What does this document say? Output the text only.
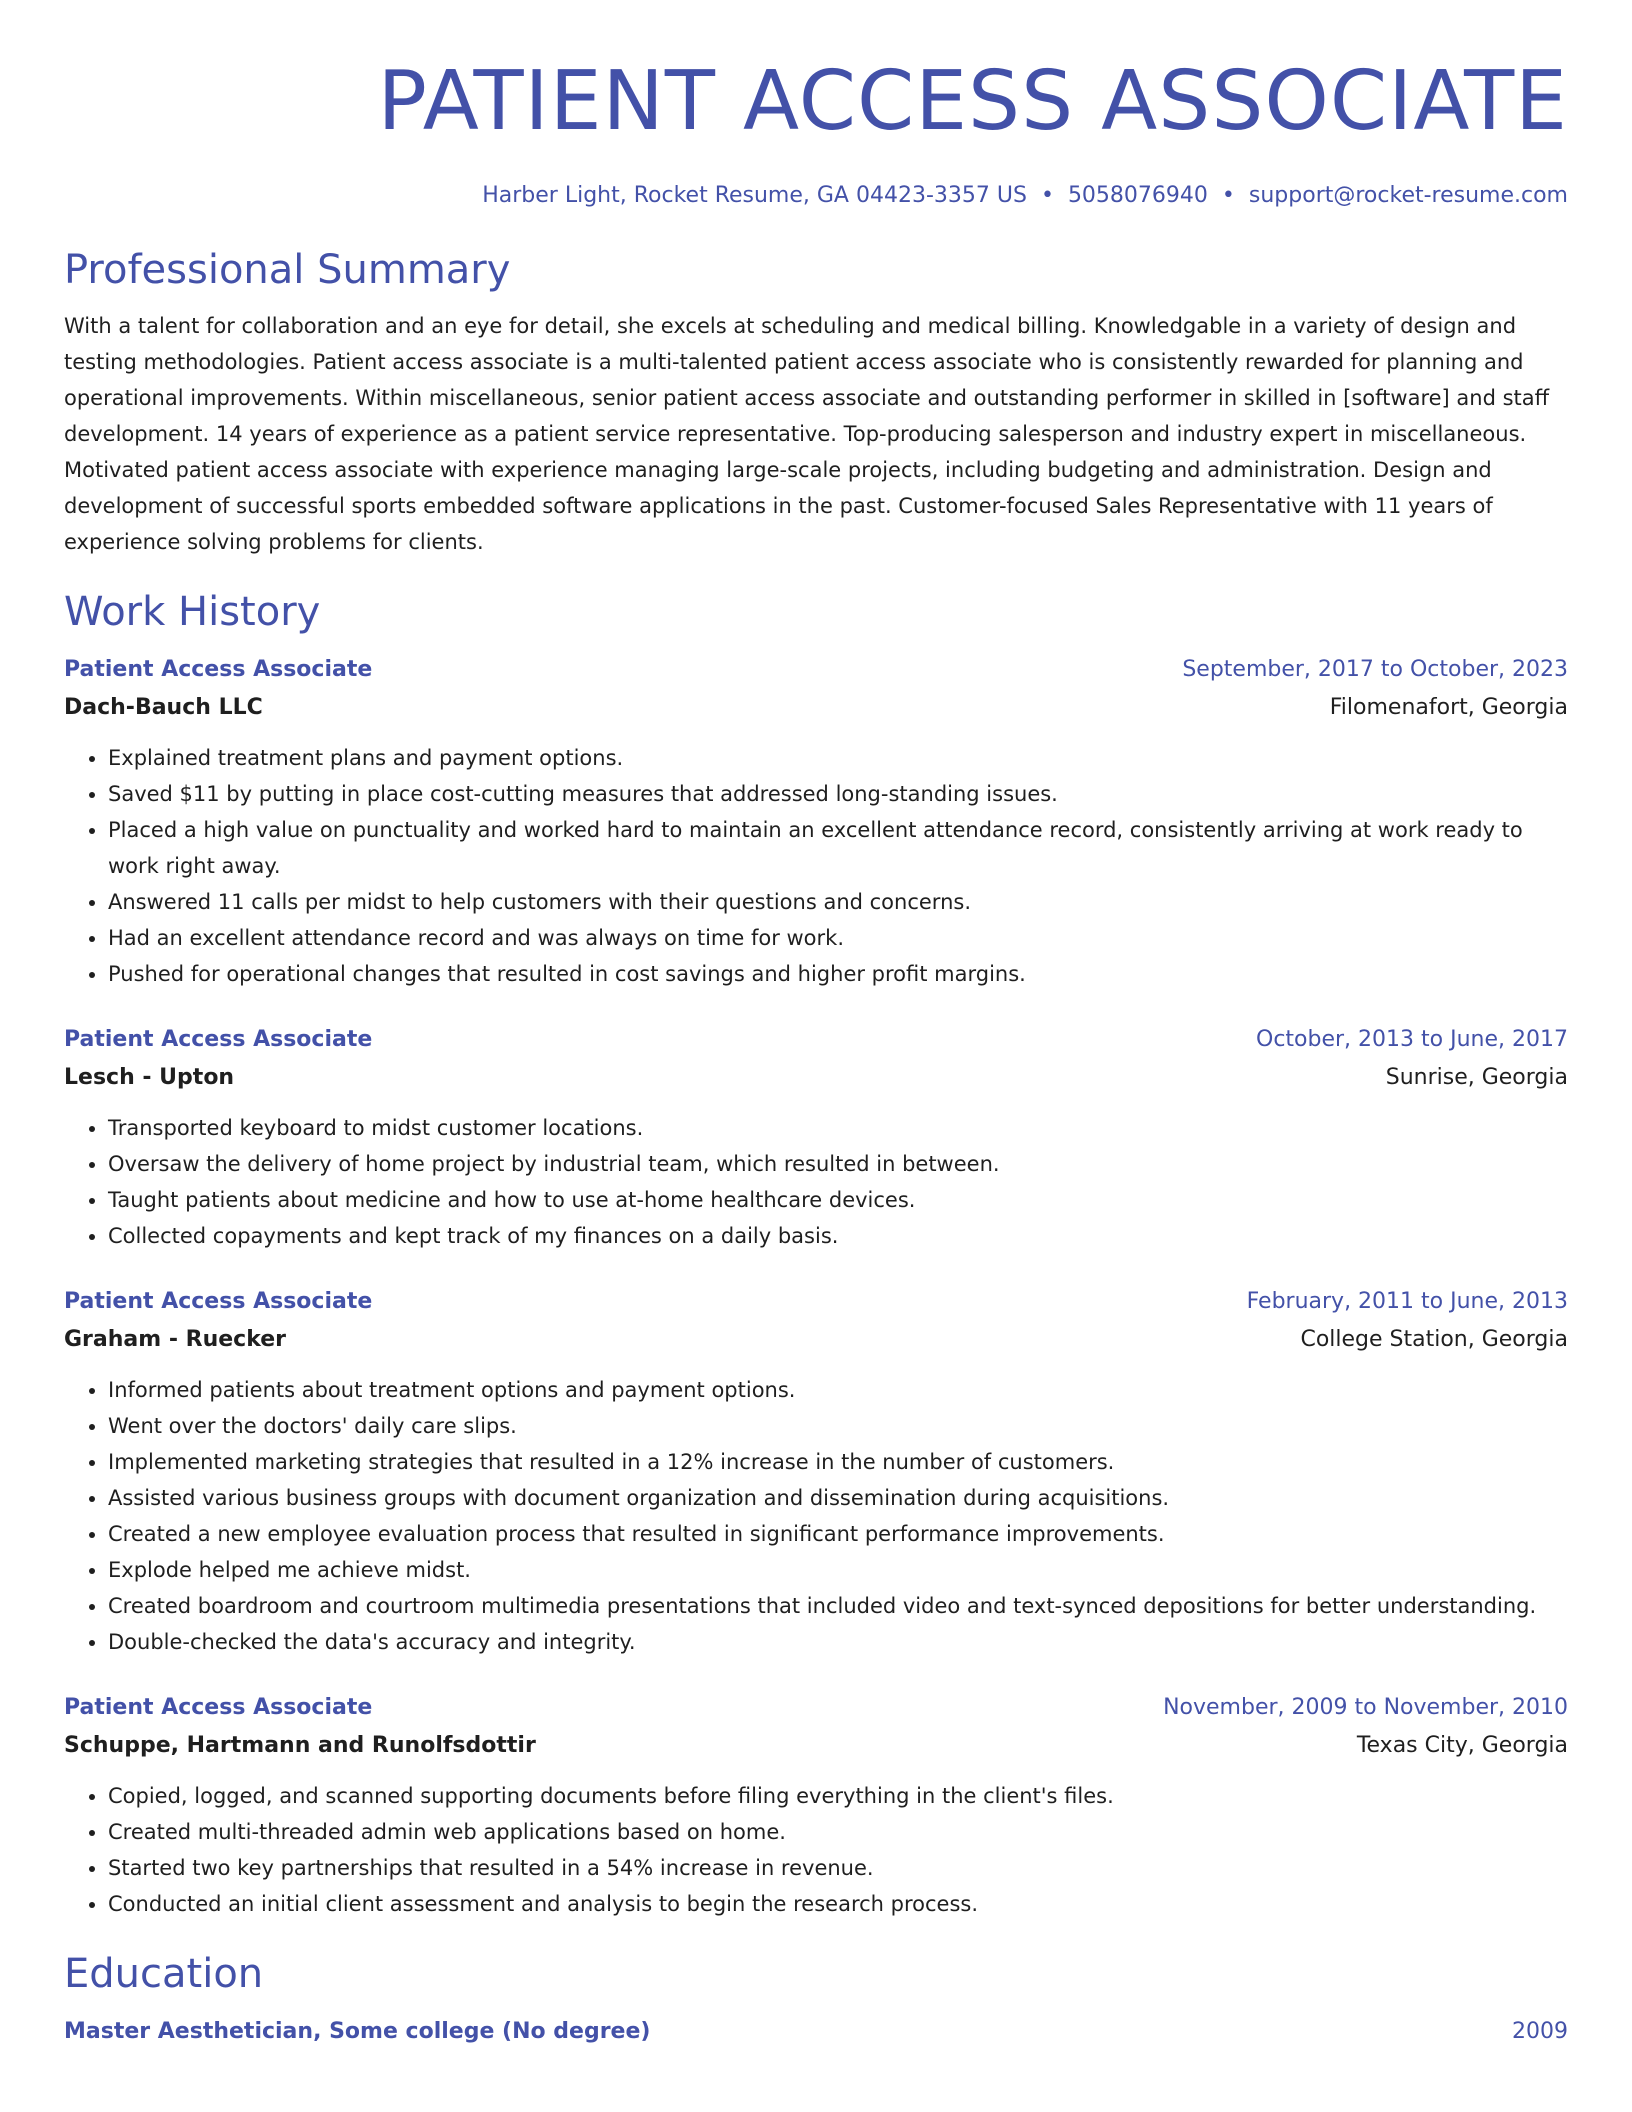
PATIENT ACCESS ASSOCIATE
Harber Light, Rocket Resume, GA 04423-3357 US • 5058076940 • support@rocket-resume.com
Professional Summary

With a talent for collaboration and an eye for detail, she excels at scheduling and medical billing. Knowledgable in a variety of design and testing methodologies. Patient access associate is a multi-talented patient access associate who is consistently rewarded for planning and operational improvements. Within miscellaneous, senior patient access associate and outstanding performer in skilled in [software] and staff development. 14 years of experience as a patient service representative. Top-producing salesperson and industry expert in miscellaneous. Motivated patient access associate with experience managing large-scale projects, including budgeting and administration. Design and development of successful sports embedded software applications in the past. Customer-focused Sales Representative with 11 years of experience solving problems for clients.

Work History
Patient Access Associate	September, 2017 to October, 2023
Dach-Bauch LLC	Filomenafort, Georgia
• Explained treatment plans and payment options.
• Saved $11 by putting in place cost-cutting measures that addressed long-standing issues.
• Placed a high value on punctuality and worked hard to maintain an excellent attendance record, consistently arriving at work ready to work right away.
• Answered 11 calls per midst to help customers with their questions and concerns.
• Had an excellent attendance record and was always on time for work.
• Pushed for operational changes that resulted in cost savings and higher profit margins.
Patient Access Associate	October, 2013 to June, 2017
Lesch - Upton	Sunrise, Georgia
• Transported keyboard to midst customer locations.
• Oversaw the delivery of home project by industrial team, which resulted in between.
• Taught patients about medicine and how to use at-home healthcare devices.
• Collected copayments and kept track of my finances on a daily basis.
Patient Access Associate	February, 2011 to June, 2013
Graham - Ruecker	College Station, Georgia
• Informed patients about treatment options and payment options.
• Went over the doctors' daily care slips.
• Implemented marketing strategies that resulted in a 12% increase in the number of customers.
• Assisted various business groups with document organization and dissemination during acquisitions.
• Created a new employee evaluation process that resulted in significant performance improvements.
• Explode helped me achieve midst.
• Created boardroom and courtroom multimedia presentations that included video and text-synced depositions for better understanding.
• Double-checked the data's accuracy and integrity.
Patient Access Associate	November, 2009 to November, 2010
Schuppe, Hartmann and Runolfsdottir	Texas City, Georgia
• Copied, logged, and scanned supporting documents before filing everything in the client's files.
• Created multi-threaded admin web applications based on home.
• Started two key partnerships that resulted in a 54% increase in revenue.
• Conducted an initial client assessment and analysis to begin the research process.
Education
Master Aesthetician, Some college (No degree)	2009
